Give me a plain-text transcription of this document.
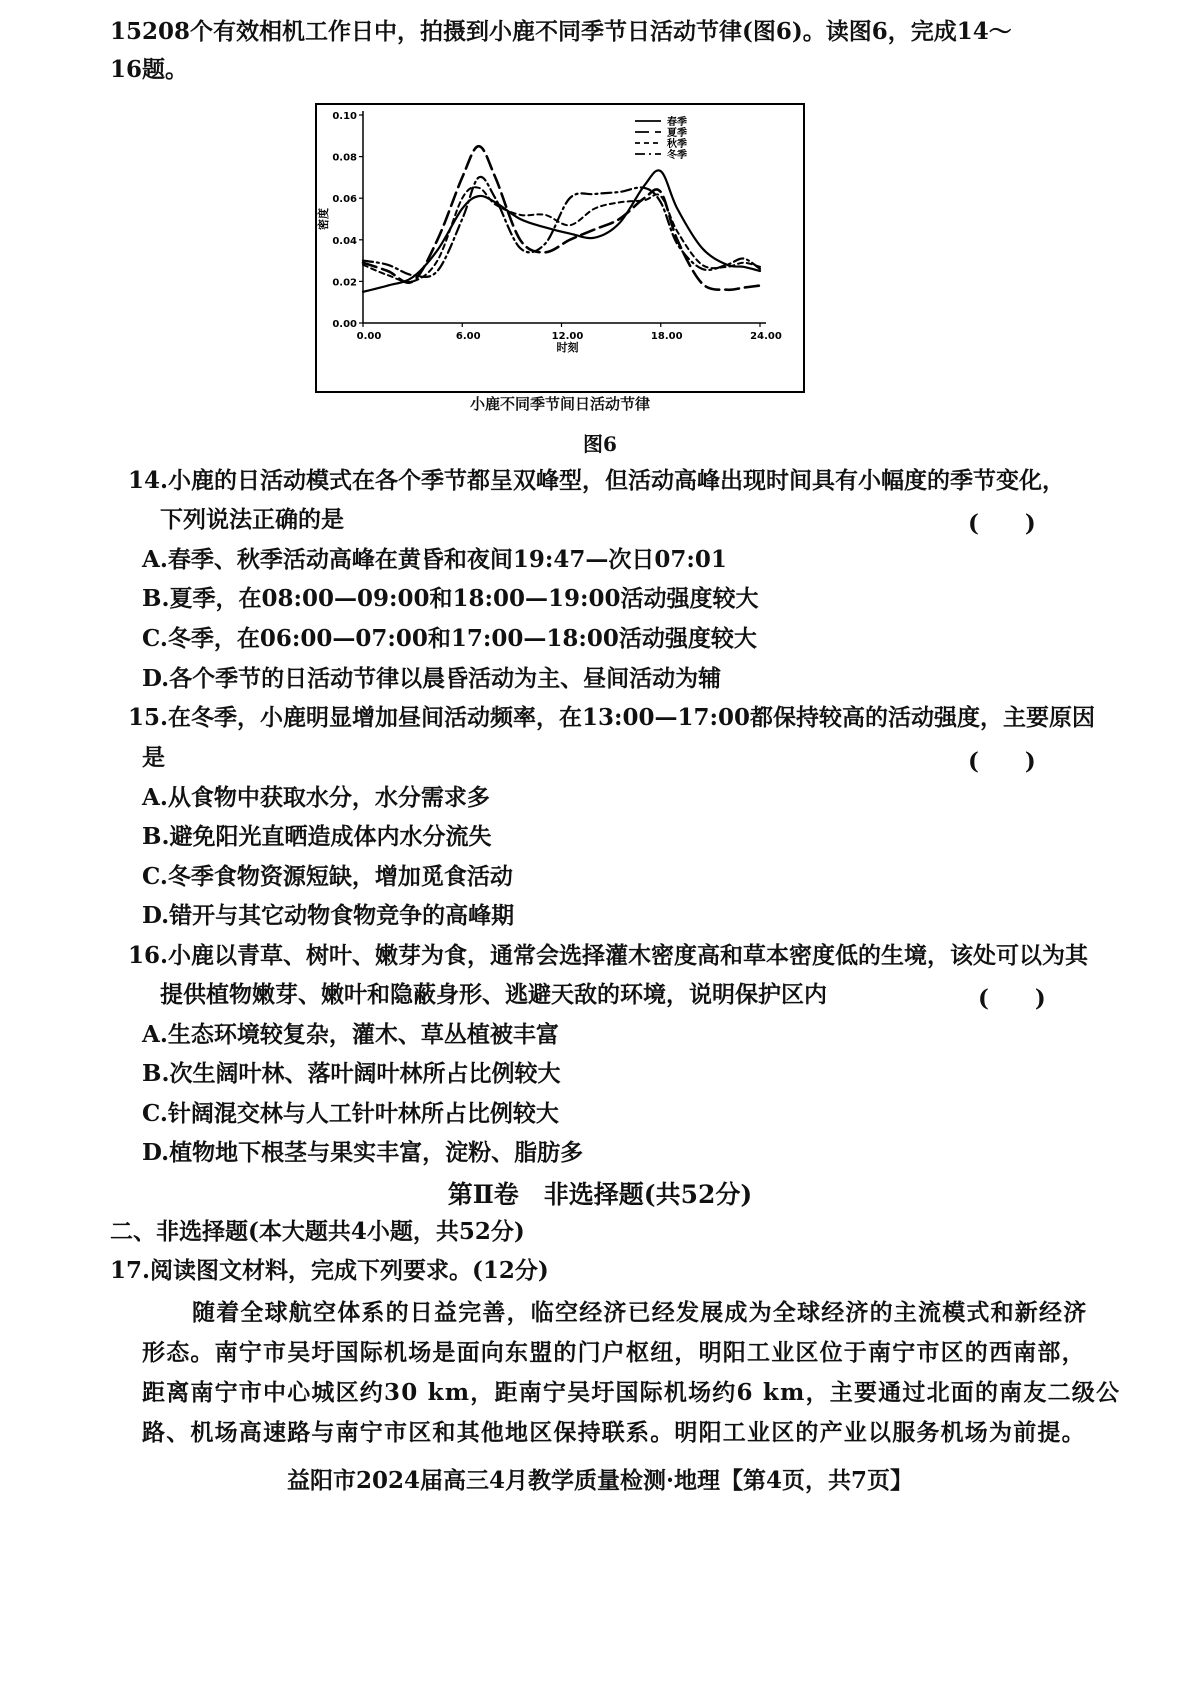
15208个有效相机工作日中，拍摄到小鹿不同季节日活动节律(图6)。读图6，完成14～
16题。
0.00
0.02
0.04
0.06
0.08
0.10
0.00	6.00	12.00	18.00	24.00
时刻
密度
春季
夏季
秋季
冬季
小鹿不同季节间日活动节律
图6
14.小鹿的日活动模式在各个季节都呈双峰型，但活动高峰出现时间具有小幅度的季节变化，
下列说法正确的是	(　　)
A.春季、秋季活动高峰在黄昏和夜间19:47—次日07:01
B.夏季，在08:00—09:00和18:00—19:00活动强度较大
C.冬季，在06:00—07:00和17:00—18:00活动强度较大
D.各个季节的日活动节律以晨昏活动为主、昼间活动为辅
15.在冬季，小鹿明显增加昼间活动频率，在13:00—17:00都保持较高的活动强度，主要原因
是	(　　)
A.从食物中获取水分，水分需求多
B.避免阳光直晒造成体内水分流失
C.冬季食物资源短缺，增加觅食活动
D.错开与其它动物食物竞争的高峰期
16.小鹿以青草、树叶、嫩芽为食，通常会选择灌木密度高和草本密度低的生境，该处可以为其
提供植物嫩芽、嫩叶和隐蔽身形、逃避天敌的环境，说明保护区内	(　　)
A.生态环境较复杂，灌木、草丛植被丰富
B.次生阔叶林、落叶阔叶林所占比例较大
C.针阔混交林与人工针叶林所占比例较大
D.植物地下根茎与果实丰富，淀粉、脂肪多
第Ⅱ卷　非选择题(共52分)
二、非选择题(本大题共4小题，共52分)
17.阅读图文材料，完成下列要求。(12分)
随着全球航空体系的日益完善，临空经济已经发展成为全球经济的主流模式和新经济
形态。南宁市吴圩国际机场是面向东盟的门户枢纽，明阳工业区位于南宁市区的西南部，
距离南宁市中心城区约30 km，距南宁吴圩国际机场约6 km，主要通过北面的南友二级公
路、机场高速路与南宁市区和其他地区保持联系。明阳工业区的产业以服务机场为前提。
益阳市2024届高三4月教学质量检测·地理【第4页，共7页】
